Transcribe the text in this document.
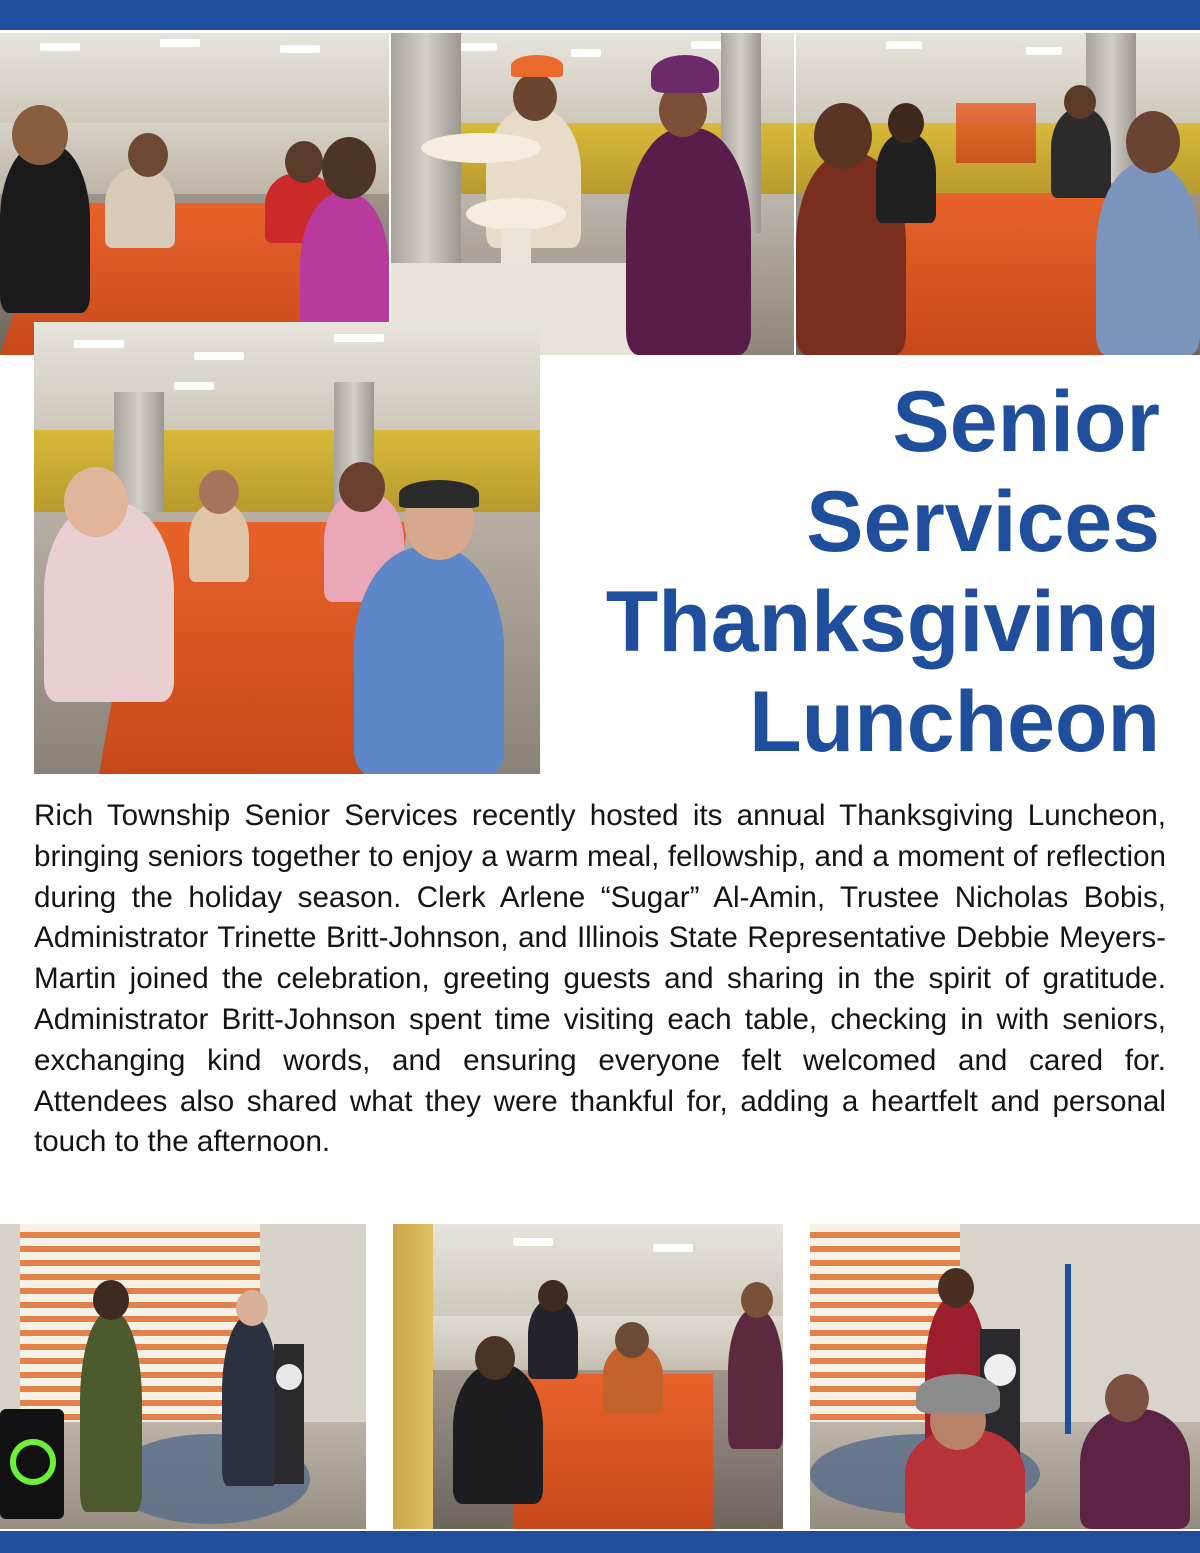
Senior
Services
Thanksgiving
Luncheon

Rich Township Senior Services recently hosted its annual Thanksgiving Luncheon, bringing seniors together to enjoy a warm meal, fellowship, and a moment of reflection during the holiday season. Clerk Arlene “Sugar” Al-Amin, Trustee Nicholas Bobis, Administrator Trinette Britt-Johnson, and Illinois State Representative Debbie Meyers-Martin joined the celebration, greeting guests and sharing in the spirit of gratitude. Administrator Britt-Johnson spent time visiting each table, checking in with seniors, exchanging kind words, and ensuring everyone felt welcomed and cared for. Attendees also shared what they were thankful for, adding a heartfelt and personal touch to the afternoon.
